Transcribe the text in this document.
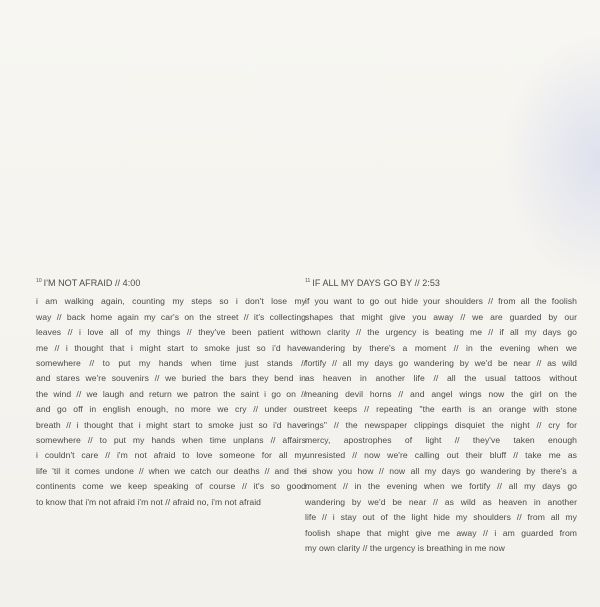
$^{10}$ I'M NOT AFRAID // 4:00
i am walking again, counting my steps so i don't lose my
way // back home again my car's on the street // it's collecting
leaves // i love all of my things // they've been patient with
me // i thought that i might start to smoke just so i'd have
somewhere // to put my hands when time just stands //
and stares we're souvenirs // we buried the bars they bend in
the wind // we laugh and return we patron the saint i go on //
and go off in english enough, no more we cry // under our
breath // i thought that i might start to smoke just so i'd have
somewhere // to put my hands when time unplans // affairs
i couldn't care // i'm not afraid to love someone for all my
life 'til it comes undone // when we catch our deaths // and the
continents come we keep speaking of course // it's so good
to know that i'm not afraid i'm not // afraid no, i'm not afraid
$^{11}$ IF ALL MY DAYS GO BY // 2:53
if you want to go out hide your shoulders // from all the foolish
shapes that might give you away // we are guarded by our
own clarity // the urgency is beating me // if all my days go
wandering by there's a moment // in the evening when we
fortify // all my days go wandering by we'd be near // as wild
as heaven in another life // all the usual tattoos without
meaning devil horns // and angel wings now the girl on the
street keeps // repeating "the earth is an orange with stone
rings" // the newspaper clippings disquiet the night // cry for
mercy, apostrophes of light // they've taken enough
unresisted // now we're calling out their bluff // take me as
i show you how // now all my days go wandering by there's a
moment // in the evening when we fortify // all my days go
wandering by we'd be near // as wild as heaven in another
life // i stay out of the light hide my shoulders // from all my
foolish shape that might give me away // i am guarded from
my own clarity // the urgency is breathing in me now
